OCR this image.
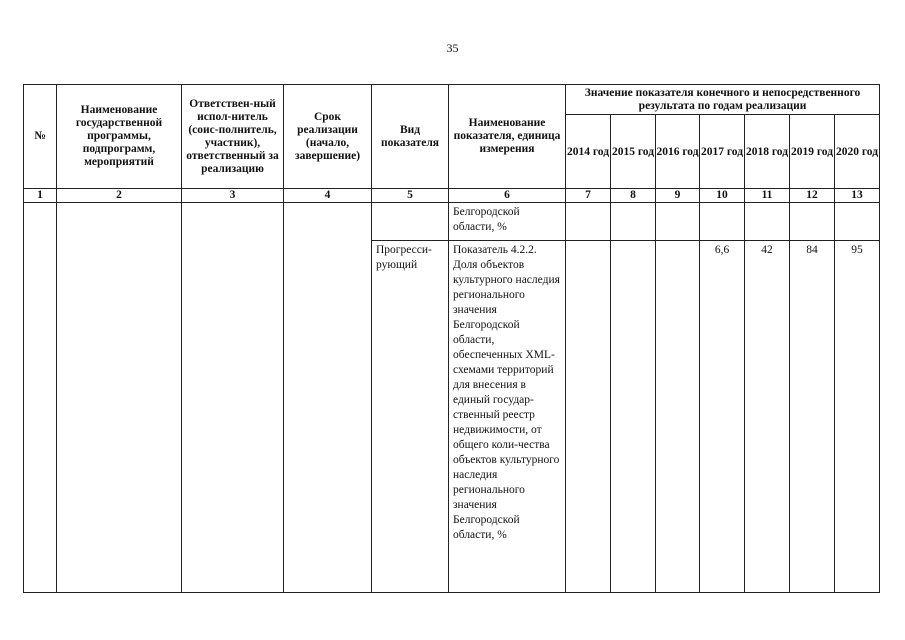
35
№	Наименование государственной программы, подпрограмм, мероприятий	Ответствен-ный испол-нитель (соис-полнитель, участник), ответственный за реализацию	Срок реализации (начало, завершение)	Вид показателя	Наименование показателя, единица измерения	Значение показателя конечного и непосредственного результата по годам реализации						
						2014 год	2015 год	2016 год	2017 год	2018 год	2019 год	2020 год
1	2	3	4	5	6	7	8	9	10	11	12	13
					Белгородской области, %							
				Прогресси-рующий	Показатель 4.2.2. Доля объектов культурного наследия регионального значения Белгородской области, обеспеченных XML-схемами территорий для внесения в единый государ-ственный реестр недвижимости, от общего коли-чества объектов культурного наследия регионального значения Белгородской области, %				6,6	42	84	95
